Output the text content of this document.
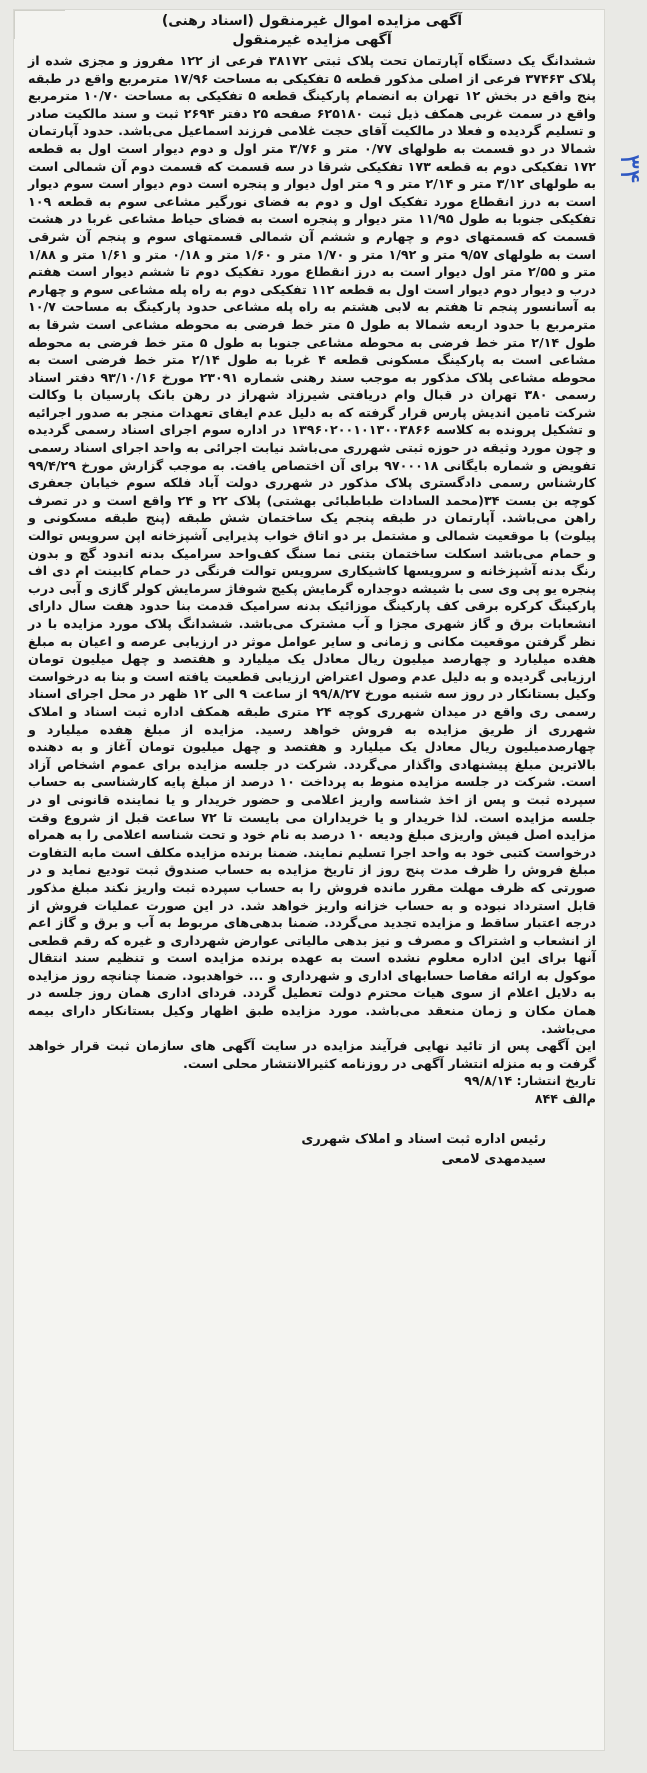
آگهی مزایده اموال غیرمنقول (اسناد رهنی)
آگهی مزایده غیرمنقول

ششدانگ یک دستگاه آپارتمان تحت پلاک ثبتی ۳۸۱۷۲ فرعی از ۱۲۲ مفروز و مجزی شده از پلاک ۳۷۴۶۳ فرعی از اصلی مذکور قطعه ۵ تفکیکی به مساحت ۱۷/۹۶ مترمربع واقع در طبقه پنج واقع در بخش ۱۲ تهران به انضمام پارکینگ قطعه ۵ تفکیکی به مساحت ۱۰/۷۰ مترمربع واقع در سمت غربی همکف ذیل ثبت ۶۲۵۱۸۰ صفحه ۲۵ دفتر ۲۶۹۴ ثبت و سند مالکیت صادر و تسلیم گردیده و فعلا در مالکیت آقای حجت غلامی فرزند اسماعیل می‌باشد. حدود آپارتمان شمالا در دو قسمت به طولهای ۰/۷۷ متر و ۳/۷۶ متر اول و دوم دیوار است اول به قطعه ۱۷۲ تفکیکی دوم به قطعه ۱۷۳ تفکیکی شرقا در سه قسمت که قسمت دوم آن شمالی است به طولهای ۳/۱۲ متر و ۲/۱۴ متر و ۹ متر اول دیوار و پنجره است دوم دیوار است سوم دیوار است به درز انقطاع مورد تفکیک اول و دوم به فضای نورگیر مشاعی سوم به قطعه ۱۰۹ تفکیکی جنوبا به طول ۱۱/۹۵ متر دیوار و پنجره است به فضای حیاط مشاعی غربا در هشت قسمت که قسمتهای دوم و چهارم و ششم آن شمالی قسمتهای سوم و پنجم آن شرقی است به طولهای ۹/۵۷ متر و ۱/۹۲ متر و ۱/۷۰ متر و ۱/۶۰ متر و ۰/۱۸ متر و ۱/۶۱ متر و ۱/۸۸ متر و ۲/۵۵ متر اول دیوار است به درز انقطاع مورد تفکیک دوم تا ششم دیوار است هفتم درب و دیوار دوم دیوار است اول به قطعه ۱۱۲ تفکیکی دوم به راه پله مشاعی سوم و چهارم به آسانسور پنجم تا هفتم به لابی هشتم به راه پله مشاعی حدود پارکینگ به مساحت ۱۰/۷ مترمربع با حدود اربعه شمالا به طول ۵ متر خط فرضی به محوطه مشاعی است شرقا به طول ۲/۱۴ متر خط فرضی به محوطه مشاعی جنوبا به طول ۵ متر خط فرضی به محوطه مشاعی است به پارکینگ مسکونی قطعه ۴ غربا به طول ۲/۱۴ متر خط فرضی است به محوطه مشاعی پلاک مذکور به موجب سند رهنی شماره ۲۳۰۹۱ مورخ ۹۳/۱۰/۱۶ دفتر اسناد رسمی ۳۸۰ تهران در قبال وام دریافتی شیرزاد شهراز در رهن بانک پارسیان با وکالت شرکت تامین اندیش پارس قرار گرفته که به دلیل عدم ایفای تعهدات منجر به صدور اجرائیه و تشکیل پرونده به کلاسه ۱۳۹۶۰۲۰۰۱۰۱۳۰۰۳۸۶۶ در اداره سوم اجرای اسناد رسمی گردیده و چون مورد وثیقه در حوزه ثبتی شهرری می‌باشد نیابت اجرائی به واحد اجرای اسناد رسمی تفویض و شماره بایگانی ۹۷۰۰۰۱۸ برای آن اختصاص یافت. به موجب گزارش مورخ ۹۹/۴/۲۹ کارشناس رسمی دادگستری پلاک مذکور در شهرری دولت آباد فلکه سوم خیابان جعفری کوچه بن بست ۳۴(محمد السادات طباطبائی بهشتی) پلاک ۲۲ و ۲۴ واقع است و در تصرف راهن می‌باشد. آپارتمان در طبقه پنجم یک ساختمان شش طبقه (پنج طبقه مسکونی و پیلوت) با موقعیت شمالی و مشتمل بر دو اتاق خواب پذیرایی آشپزخانه اپن سرویس توالت و حمام می‌باشد اسکلت ساختمان بتنی نما سنگ کف‌واحد سرامیک بدنه اندود گچ و بدون رنگ بدنه آشپزخانه و سرویسها کاشیکاری سرویس توالت فرنگی در حمام کابینت ام دی اف پنجره یو پی وی سی با شیشه دوجداره گرمایش پکیج شوفاژ سرمایش کولر گازی و آبی درب پارکینگ کرکره برقی کف پارکینگ موزائیک بدنه سرامیک قدمت بنا حدود هفت سال دارای انشعابات برق و گاز شهری مجزا و آب مشترک می‌باشد. ششدانگ پلاک مورد مزایده با در نظر گرفتن موقعیت مکانی و زمانی و سایر عوامل موثر در ارزیابی عرصه و اعیان به مبلغ هفده میلیارد و چهارصد میلیون ریال معادل یک میلیارد و هفتصد و چهل میلیون تومان ارزیابی گردیده و به دلیل عدم وصول اعتراض ارزیابی قطعیت یافته است و بنا به درخواست وکیل بستانکار در روز سه شنبه مورخ ۹۹/۸/۲۷ از ساعت ۹ الی ۱۲ ظهر در محل اجرای اسناد رسمی ری واقع در میدان شهرری کوچه ۲۴ متری طبقه همکف اداره ثبت اسناد و املاک شهرری از طریق مزایده به فروش خواهد رسید. مزایده از مبلغ هفده میلیارد و چهارصدمیلیون ریال معادل یک میلیارد و هفتصد و چهل میلیون تومان آغاز و به دهنده بالاترین مبلغ پیشنهادی واگذار می‌گردد. شرکت در جلسه مزایده برای عموم اشخاص آزاد است. شرکت در جلسه مزایده منوط به پرداخت ۱۰ درصد از مبلغ پایه کارشناسی به حساب سپرده ثبت و پس از اخذ شناسه واریز اعلامی و حضور خریدار و یا نماینده قانونی او در جلسه مزایده است. لذا خریدار و یا خریداران می بایست تا ۷۲ ساعت قبل از شروع وقت مزایده اصل فیش واریزی مبلغ ودیعه ۱۰ درصد به نام خود و تحت شناسه اعلامی را به همراه درخواست کتبی خود به واحد اجرا تسلیم نمایند. ضمنا برنده مزایده مکلف است مابه التفاوت مبلغ فروش را ظرف مدت پنج روز از تاریخ مزایده به حساب صندوق ثبت تودیع نماید و در صورتی که ظرف مهلت مقرر مانده فروش را به حساب سپرده ثبت واریز نکند مبلغ مذکور قابل استرداد نبوده و به حساب خزانه واریز خواهد شد. در این صورت عملیات فروش از درجه اعتبار ساقط و مزایده تجدید می‌گردد. ضمنا بدهی‌های مربوط به آب و برق و گاز اعم از انشعاب و اشتراک و مصرف و نیز بدهی مالیاتی عوارض شهرداری و غیره که رقم قطعی آنها برای این اداره معلوم نشده است به عهده برنده مزایده است و تنظیم سند انتقال موکول به ارائه مفاصا حسابهای اداری و شهرداری و ... خواهدبود. ضمنا چنانچه روز مزایده به دلایل اعلام از سوی هیات محترم دولت تعطیل گردد. فردای اداری همان روز جلسه در همان مکان و زمان منعقد می‌باشد. مورد مزایده طبق اظهار وکیل بستانکار دارای بیمه می‌باشد.

این آگهی پس از تائید نهایی فرآیند مزایده در سایت آگهی های سازمان ثبت قرار خواهد گرفت و به منزله انتشار آگهی در روزنامه کثیرالانتشار محلی است.

تاریخ انتشار: ۹۹/۸/۱۴

م‌الف ۸۴۴

رئیس اداره ثبت اسناد و املاک شهرری
سیدمهدی لامعی
۳۴
